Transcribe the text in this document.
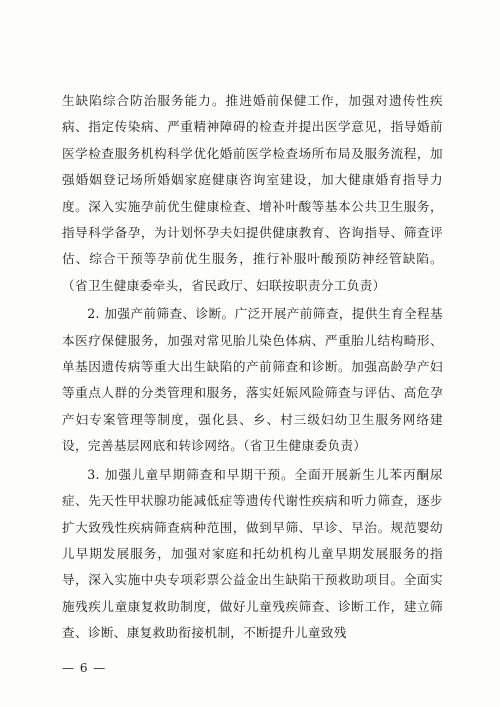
生缺陷综合防治服务能力。推进婚前保健工作，加强对遗传性疾病、指定传染病、严重精神障碍的检查并提出医学意见，指导婚前医学检查服务机构科学优化婚前医学检查场所布局及服务流程，加强婚姻登记场所婚姻家庭健康咨询室建设，加大健康婚育指导力度。深入实施孕前优生健康检查、增补叶酸等基本公共卫生服务，指导科学备孕，为计划怀孕夫妇提供健康教育、咨询指导、筛查评估、综合干预等孕前优生服务，推行补服叶酸预防神经管缺陷。（省卫生健康委牵头，省民政厅、妇联按职责分工负责）

2. 加强产前筛查、诊断。广泛开展产前筛查，提供生育全程基本医疗保健服务，加强对常见胎儿染色体病、严重胎儿结构畸形、单基因遗传病等重大出生缺陷的产前筛查和诊断。加强高龄孕产妇等重点人群的分类管理和服务，落实妊娠风险筛查与评估、高危孕产妇专案管理等制度，强化县、乡、村三级妇幼卫生服务网络建设，完善基层网底和转诊网络。（省卫生健康委负责）

3. 加强儿童早期筛查和早期干预。全面开展新生儿苯丙酮尿症、先天性甲状腺功能减低症等遗传代谢性疾病和听力筛查，逐步扩大致残性疾病筛查病种范围，做到早筛、早诊、早治。规范婴幼儿早期发展服务，加强对家庭和托幼机构儿童早期发展服务的指导，深入实施中央专项彩票公益金出生缺陷干预救助项目。全面实施残疾儿童康复救助制度，做好儿童残疾筛查、诊断工作，建立筛查、诊断、康复救助衔接机制，不断提升儿童致残

— 6 —
